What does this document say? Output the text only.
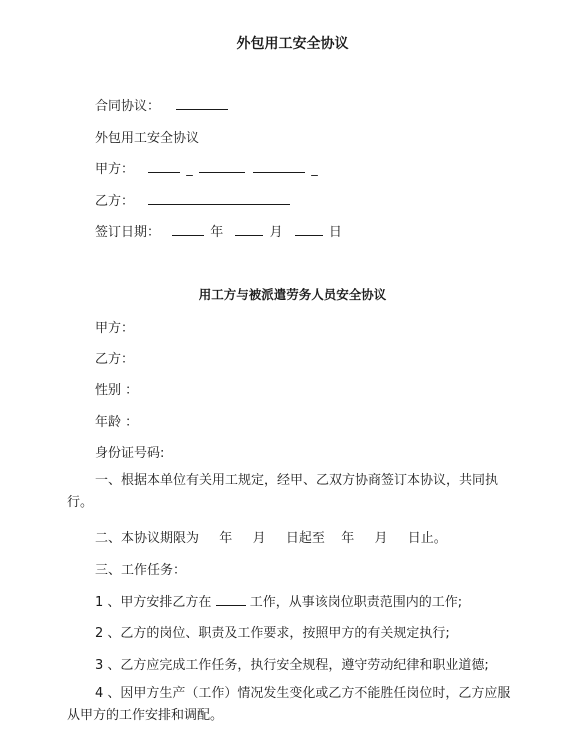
外包用工安全协议
合同协议：
外包用工安全协议
甲方：	_	_
乙方：
签订日期：	年	月	日
用工方与被派遣劳务人员安全协议
甲方：
乙方：
性别 ：
年龄 ：
身份证号码:
一、根据本单位有关用工规定，经甲、乙双方协商签订本协议，共同执行。
二、本协议期限为 年 月 日起至 年 月 日止。
三、工作任务：
1 、甲方安排乙方在	工作，从事该岗位职责范围内的工作;
2 、乙方的岗位、职责及工作要求，按照甲方的有关规定执行;
3 、乙方应完成工作任务，执行安全规程，遵守劳动纪律和职业道德;
4 、因甲方生产（工作）情况发生变化或乙方不能胜任岗位时，乙方应服从甲方的工作安排和调配。
